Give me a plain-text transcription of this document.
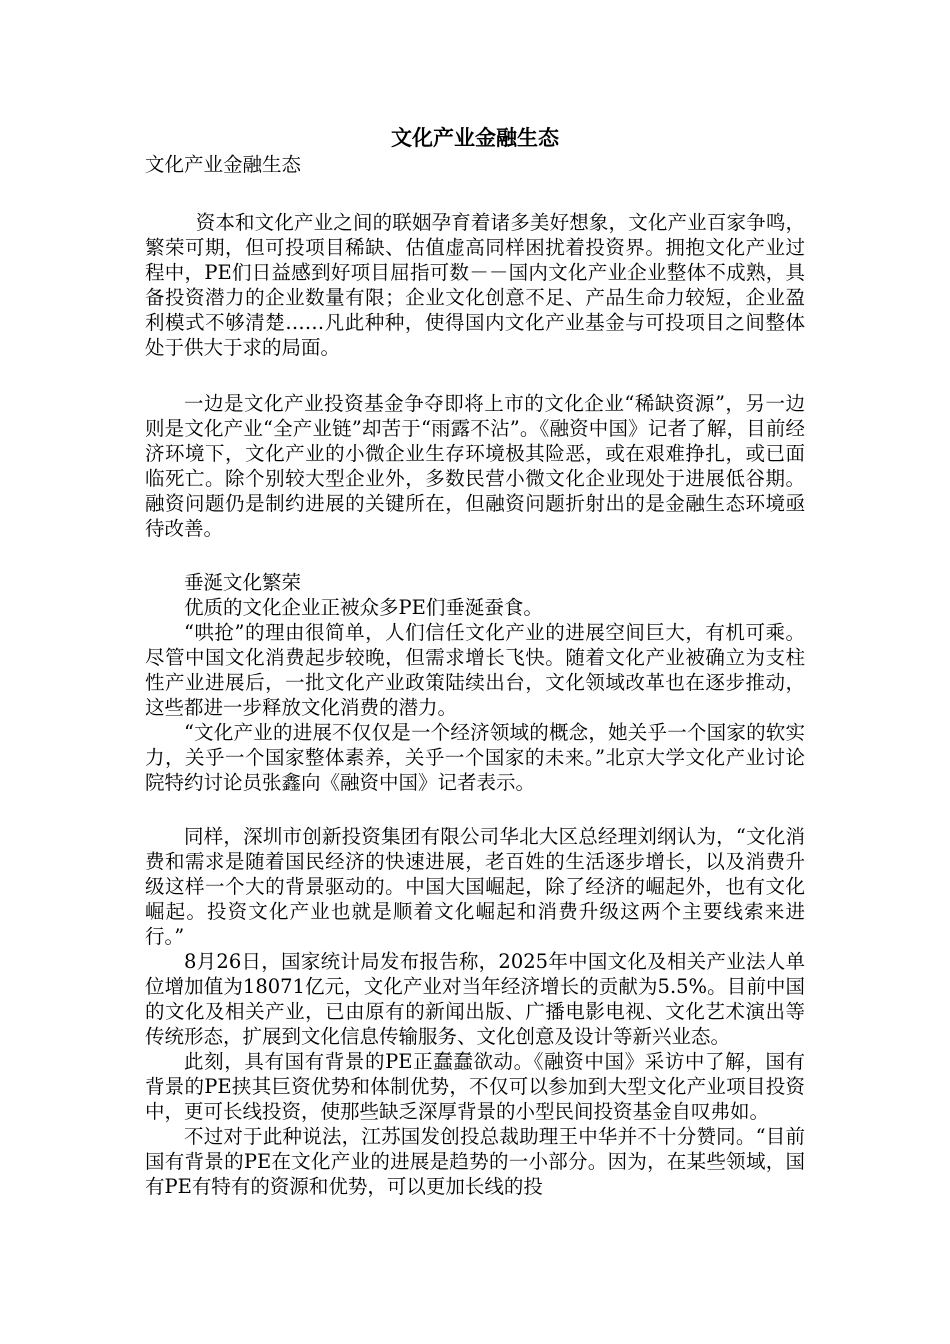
文化产业金融生态
文化产业金融生态

资本和文化产业之间的联姻孕育着诸多美好想象，文化产业百家争鸣，繁荣可期，但可投项目稀缺、估值虚高同样困扰着投资界。拥抱文化产业过程中，PE们日益感到好项目屈指可数－－国内文化产业企业整体不成熟，具备投资潜力的企业数量有限；企业文化创意不足、产品生命力较短，企业盈利模式不够清楚……凡此种种，使得国内文化产业基金与可投项目之间整体处于供大于求的局面。

一边是文化产业投资基金争夺即将上市的文化企业“稀缺资源”，另一边则是文化产业“全产业链”却苦于“雨露不沾”。《融资中国》记者了解，目前经济环境下，文化产业的小微企业生存环境极其险恶，或在艰难挣扎，或已面临死亡。除个别较大型企业外，多数民营小微文化企业现处于进展低谷期。融资问题仍是制约进展的关键所在，但融资问题折射出的是金融生态环境亟待改善。

垂涎文化繁荣

优质的文化企业正被众多PE们垂涎蚕食。

“哄抢”的理由很简单，人们信任文化产业的进展空间巨大，有机可乘。尽管中国文化消费起步较晚，但需求增长飞快。随着文化产业被确立为支柱性产业进展后，一批文化产业政策陆续出台，文化领域改革也在逐步推动，这些都进一步释放文化消费的潜力。

“文化产业的进展不仅仅是一个经济领域的概念，她关乎一个国家的软实力，关乎一个国家整体素养，关乎一个国家的未来。”北京大学文化产业讨论院特约讨论员张鑫向《融资中国》记者表示。

同样，深圳市创新投资集团有限公司华北大区总经理刘纲认为，“文化消费和需求是随着国民经济的快速进展，老百姓的生活逐步增长，以及消费升级这样一个大的背景驱动的。中国大国崛起，除了经济的崛起外，也有文化崛起。投资文化产业也就是顺着文化崛起和消费升级这两个主要线索来进行。”

8月26日，国家统计局发布报告称，2025年中国文化及相关产业法人单位增加值为18071亿元，文化产业对当年经济增长的贡献为5.5%。目前中国的文化及相关产业，已由原有的新闻出版、广播电影电视、文化艺术演出等传统形态，扩展到文化信息传输服务、文化创意及设计等新兴业态。

此刻，具有国有背景的PE正蠢蠢欲动。《融资中国》采访中了解，国有背景的PE挟其巨资优势和体制优势，不仅可以参加到大型文化产业项目投资中，更可长线投资，使那些缺乏深厚背景的小型民间投资基金自叹弗如。

不过对于此种说法，江苏国发创投总裁助理王中华并不十分赞同。“目前国有背景的PE在文化产业的进展是趋势的一小部分。因为，在某些领域，国有PE有特有的资源和优势，可以更加长线的投
